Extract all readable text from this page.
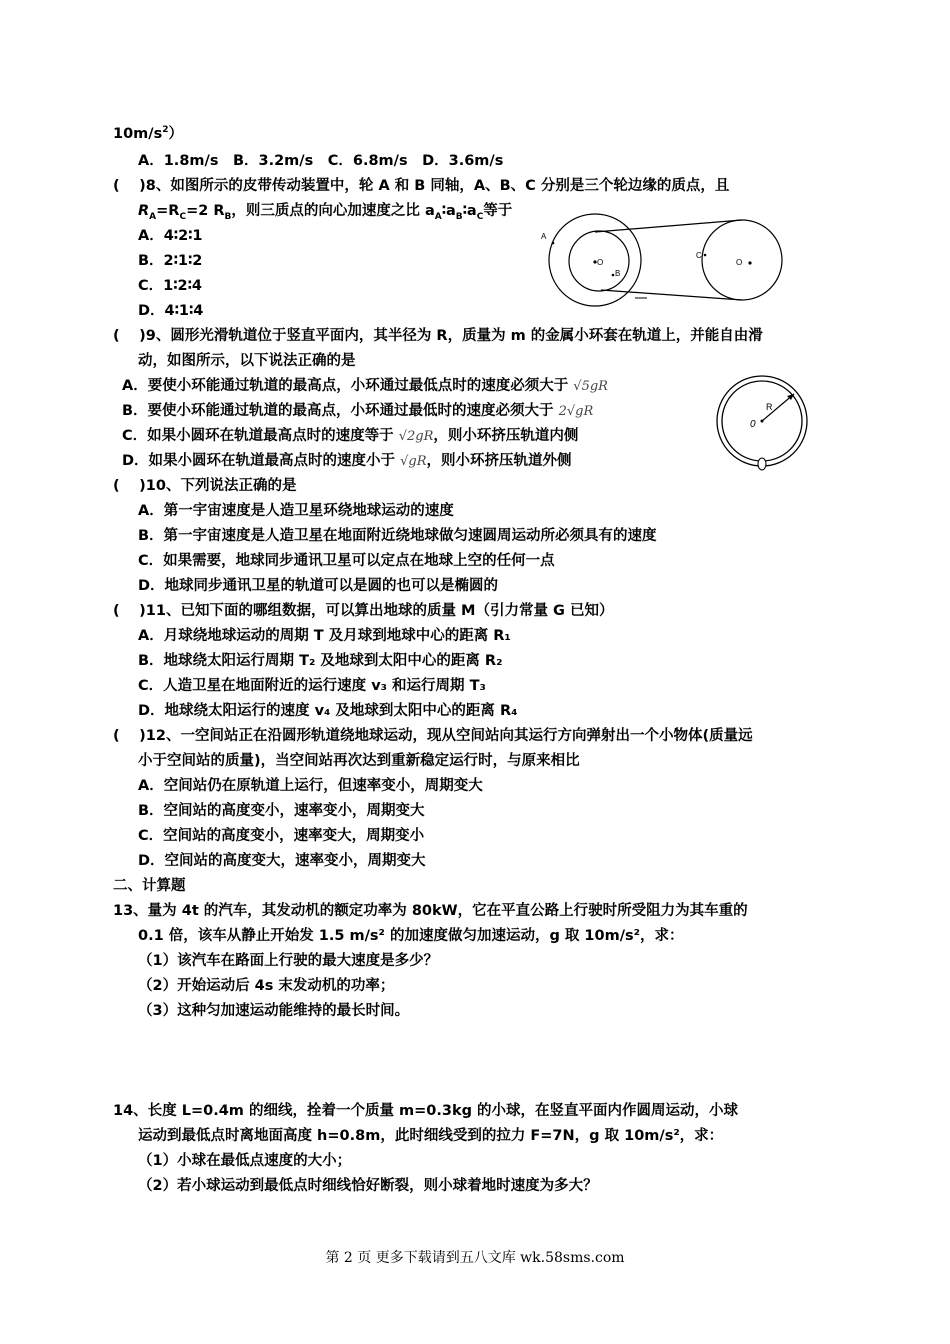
$10m/s^2$）
A．1.8m/s　B．3.2m/s　C．6.8m/s　D．3.6m/s
(　 )8、如图所示的皮带传动装置中，轮 A 和 B 同轴，A、B、C 分别是三个轮边缘的质点，且
$R_A=R_C=2$ $R_B$，则三质点的向心加速度之比 $a_A∶a_B∶a_C$等于
A．4∶2∶1
B．2∶1∶2
C．1∶2∶4
D．4∶1∶4
A
B
C
O	O
(　 )9、圆形光滑轨道位于竖直平面内，其半径为 R，质量为 m 的金属小环套在轨道上，并能自由滑
动，如图所示，以下说法正确的是
A．要使小环能通过轨道的最高点，小环通过最低点时的速度必须大于 √5gR
B．要使小环能通过轨道的最高点，小环通过最低时的速度必须大于 2√gR
C．如果小圆环在轨道最高点时的速度等于 √2gR，则小环挤压轨道内侧
D．如果小圆环在轨道最高点时的速度小于 √gR，则小环挤压轨道外侧
R
0
(　 )10、下列说法正确的是
A．第一宇宙速度是人造卫星环绕地球运动的速度
B．第一宇宙速度是人造卫星在地面附近绕地球做匀速圆周运动所必须具有的速度
C．如果需要，地球同步通讯卫星可以定点在地球上空的任何一点
D．地球同步通讯卫星的轨道可以是圆的也可以是椭圆的
(　 )11、已知下面的哪组数据，可以算出地球的质量 M（引力常量 G 已知）
A．月球绕地球运动的周期 T 及月球到地球中心的距离 R₁
B．地球绕太阳运行周期 T₂ 及地球到太阳中心的距离 R₂
C．人造卫星在地面附近的运行速度 v₃ 和运行周期 T₃
D．地球绕太阳运行的速度 v₄ 及地球到太阳中心的距离 R₄
(　 )12、一空间站正在沿圆形轨道绕地球运动，现从空间站向其运行方向弹射出一个小物体(质量远
小于空间站的质量)，当空间站再次达到重新稳定运行时，与原来相比
A．空间站仍在原轨道上运行，但速率变小，周期变大
B．空间站的高度变小，速率变小，周期变大
C．空间站的高度变小，速率变大，周期变小
D．空间站的高度变大，速率变小，周期变大
二、计算题
13、量为 4t 的汽车，其发动机的额定功率为 80kW，它在平直公路上行驶时所受阻力为其车重的
0.1 倍，该车从静止开始发 1.5 m/s² 的加速度做匀加速运动，g 取 10m/s²，求：
（1）该汽车在路面上行驶的最大速度是多少？
（2）开始运动后 4s 末发动机的功率；
（3）这种匀加速运动能维持的最长时间。
14、长度 L=0.4m 的细线，拴着一个质量 m=0.3kg 的小球，在竖直平面内作圆周运动，小球
运动到最低点时离地面高度 h=0.8m，此时细线受到的拉力 F=7N，g 取 10m/s²，求：
（1）小球在最低点速度的大小；
（2）若小球运动到最低点时细线恰好断裂，则小球着地时速度为多大？
第 2 页 更多下载请到五八文库 wk.58sms.com
